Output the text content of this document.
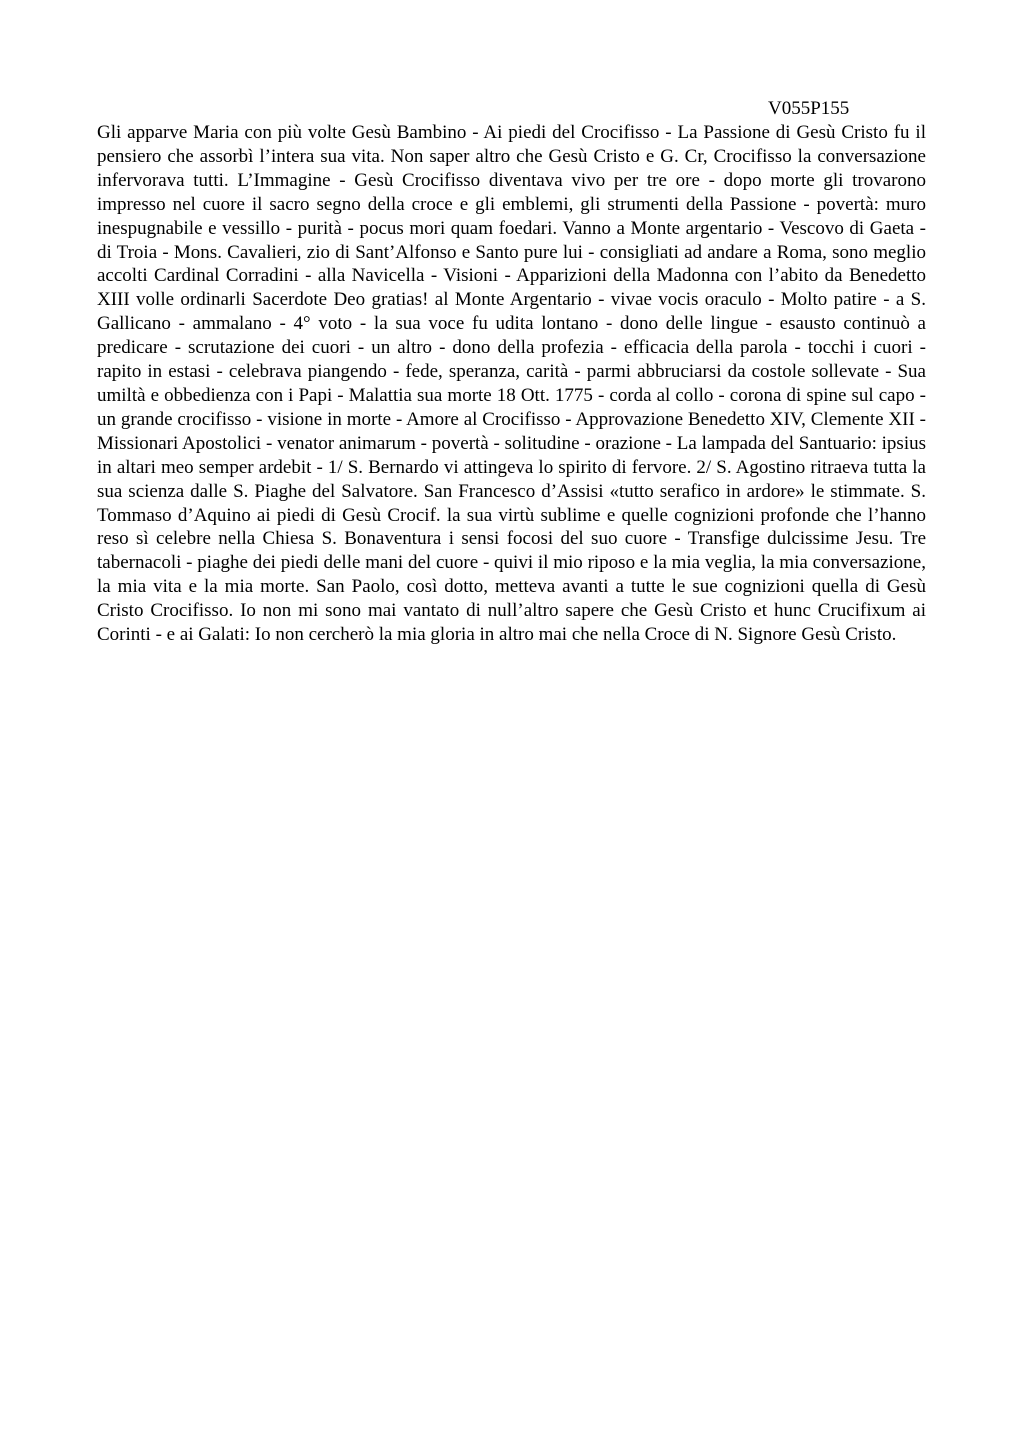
V055P155

Gli apparve Maria con più volte Gesù Bambino - Ai piedi del Crocifisso - La Passione di Gesù Cristo fu il pensiero che assorbì l’intera sua vita. Non saper altro che Gesù Cristo e G. Cr, Crocifisso la conversazione infervorava tutti. L’Immagine - Gesù Crocifisso diventava vivo per tre ore - dopo morte gli trovarono impresso nel cuore il sacro segno della croce e gli emblemi, gli strumenti della Passione - povertà: muro inespugnabile e vessillo - purità - pocus mori quam foedari. Vanno a Monte argentario - Vescovo di Gaeta - di Troia - Mons. Cavalieri, zio di Sant’Alfonso e Santo pure lui - consigliati ad andare a Roma, sono meglio accolti Cardinal Corradini - alla Navicella - Visioni - Apparizioni della Madonna con l’abito da Benedetto XIII volle ordinarli Sacerdote Deo gratias! al Monte Argentario - vivae vocis oraculo - Molto patire - a S. Gallicano - ammalano - 4° voto - la sua voce fu udita lontano - dono delle lingue - esausto continuò a predicare - scrutazione dei cuori - un altro - dono della profezia - efficacia della parola - tocchi i cuori - rapito in estasi - celebrava piangendo - fede, speranza, carità - parmi abbruciarsi da costole sollevate - Sua umiltà e obbedienza con i Papi - Malattia sua morte 18 Ott. 1775 - corda al collo - corona di spine sul capo - un grande crocifisso - visione in morte - Amore al Crocifisso - Approvazione Benedetto XIV, Clemente XII - Missionari Apostolici - venator animarum - povertà - solitudine - orazione - La lampada del Santuario: ipsius in altari meo semper ardebit - 1/ S. Bernardo vi attingeva lo spirito di fervore. 2/ S. Agostino ritraeva tutta la sua scienza dalle S. Piaghe del Salvatore. San Francesco d’Assisi «tutto serafico in ardore» le stimmate. S. Tommaso d’Aquino ai piedi di Gesù Crocif. la sua virtù sublime e quelle cognizioni profonde che l’hanno reso sì celebre nella Chiesa S. Bonaventura i sensi focosi del suo cuore - Transfige dulcissime Jesu. Tre tabernacoli - piaghe dei piedi delle mani del cuore - quivi il mio riposo e la mia veglia, la mia conversazione, la mia vita e la mia morte. San Paolo, così dotto, metteva avanti a tutte le sue cognizioni quella di Gesù Cristo Crocifisso. Io non mi sono mai vantato di null’altro sapere che Gesù Cristo et hunc Crucifixum ai Corinti - e ai Galati: Io non cercherò la mia gloria in altro mai che nella Croce di N. Signore Gesù Cristo.
